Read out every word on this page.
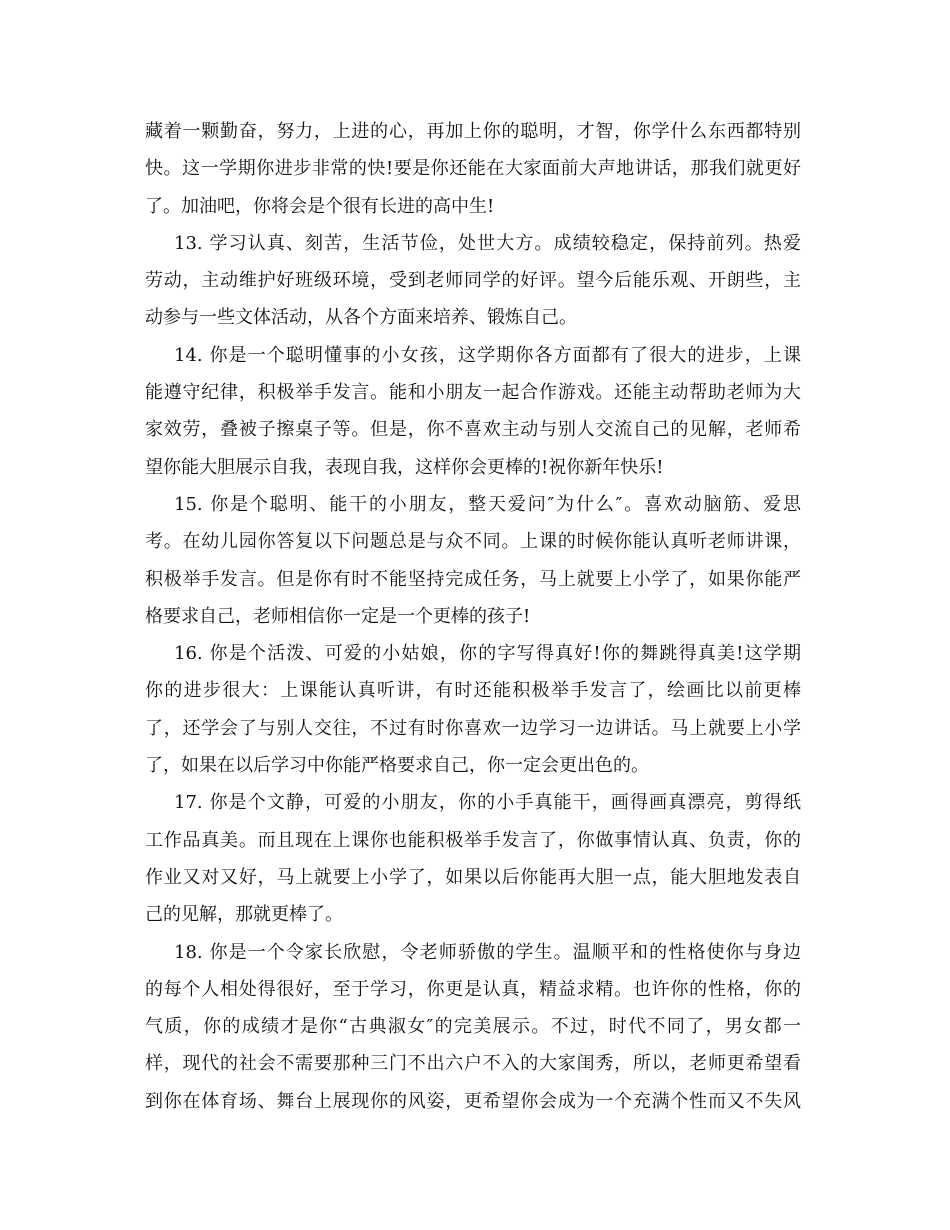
藏着一颗勤奋，努力，上进的心，再加上你的聪明，才智，你学什么东西都特别
快。这一学期你进步非常的快!要是你还能在大家面前大声地讲话，那我们就更好
了。加油吧，你将会是个很有长进的高中生!
13. 学习认真、刻苦，生活节俭，处世大方。成绩较稳定，保持前列。热爱
劳动，主动维护好班级环境，受到老师同学的好评。望今后能乐观、开朗些，主
动参与一些文体活动，从各个方面来培养、锻炼自己。
14. 你是一个聪明懂事的小女孩，这学期你各方面都有了很大的进步，上课
能遵守纪律，积极举手发言。能和小朋友一起合作游戏。还能主动帮助老师为大
家效劳，叠被子擦桌子等。但是，你不喜欢主动与别人交流自己的见解，老师希
望你能大胆展示自我，表现自我，这样你会更棒的!祝你新年快乐!
15. 你是个聪明、能干的小朋友，整天爱问″为什么″。喜欢动脑筋、爱思
考。在幼儿园你答复以下问题总是与众不同。上课的时候你能认真听老师讲课，
积极举手发言。但是你有时不能坚持完成任务，马上就要上小学了，如果你能严
格要求自己，老师相信你一定是一个更棒的孩子!
16. 你是个活泼、可爱的小姑娘，你的字写得真好!你的舞跳得真美!这学期
你的进步很大：上课能认真听讲，有时还能积极举手发言了，绘画比以前更棒
了，还学会了与别人交往，不过有时你喜欢一边学习一边讲话。马上就要上小学
了，如果在以后学习中你能严格要求自己，你一定会更出色的。
17. 你是个文静，可爱的小朋友，你的小手真能干，画得画真漂亮，剪得纸
工作品真美。而且现在上课你也能积极举手发言了，你做事情认真、负责，你的
作业又对又好，马上就要上小学了，如果以后你能再大胆一点，能大胆地发表自
己的见解，那就更棒了。
18. 你是一个令家长欣慰，令老师骄傲的学生。温顺平和的性格使你与身边
的每个人相处得很好，至于学习，你更是认真，精益求精。也许你的性格，你的
气质，你的成绩才是你“古典淑女″的完美展示。不过，时代不同了，男女都一
样，现代的社会不需要那种三门不出六户不入的大家闺秀，所以，老师更希望看
到你在体育场、舞台上展现你的风姿，更希望你会成为一个充满个性而又不失风
